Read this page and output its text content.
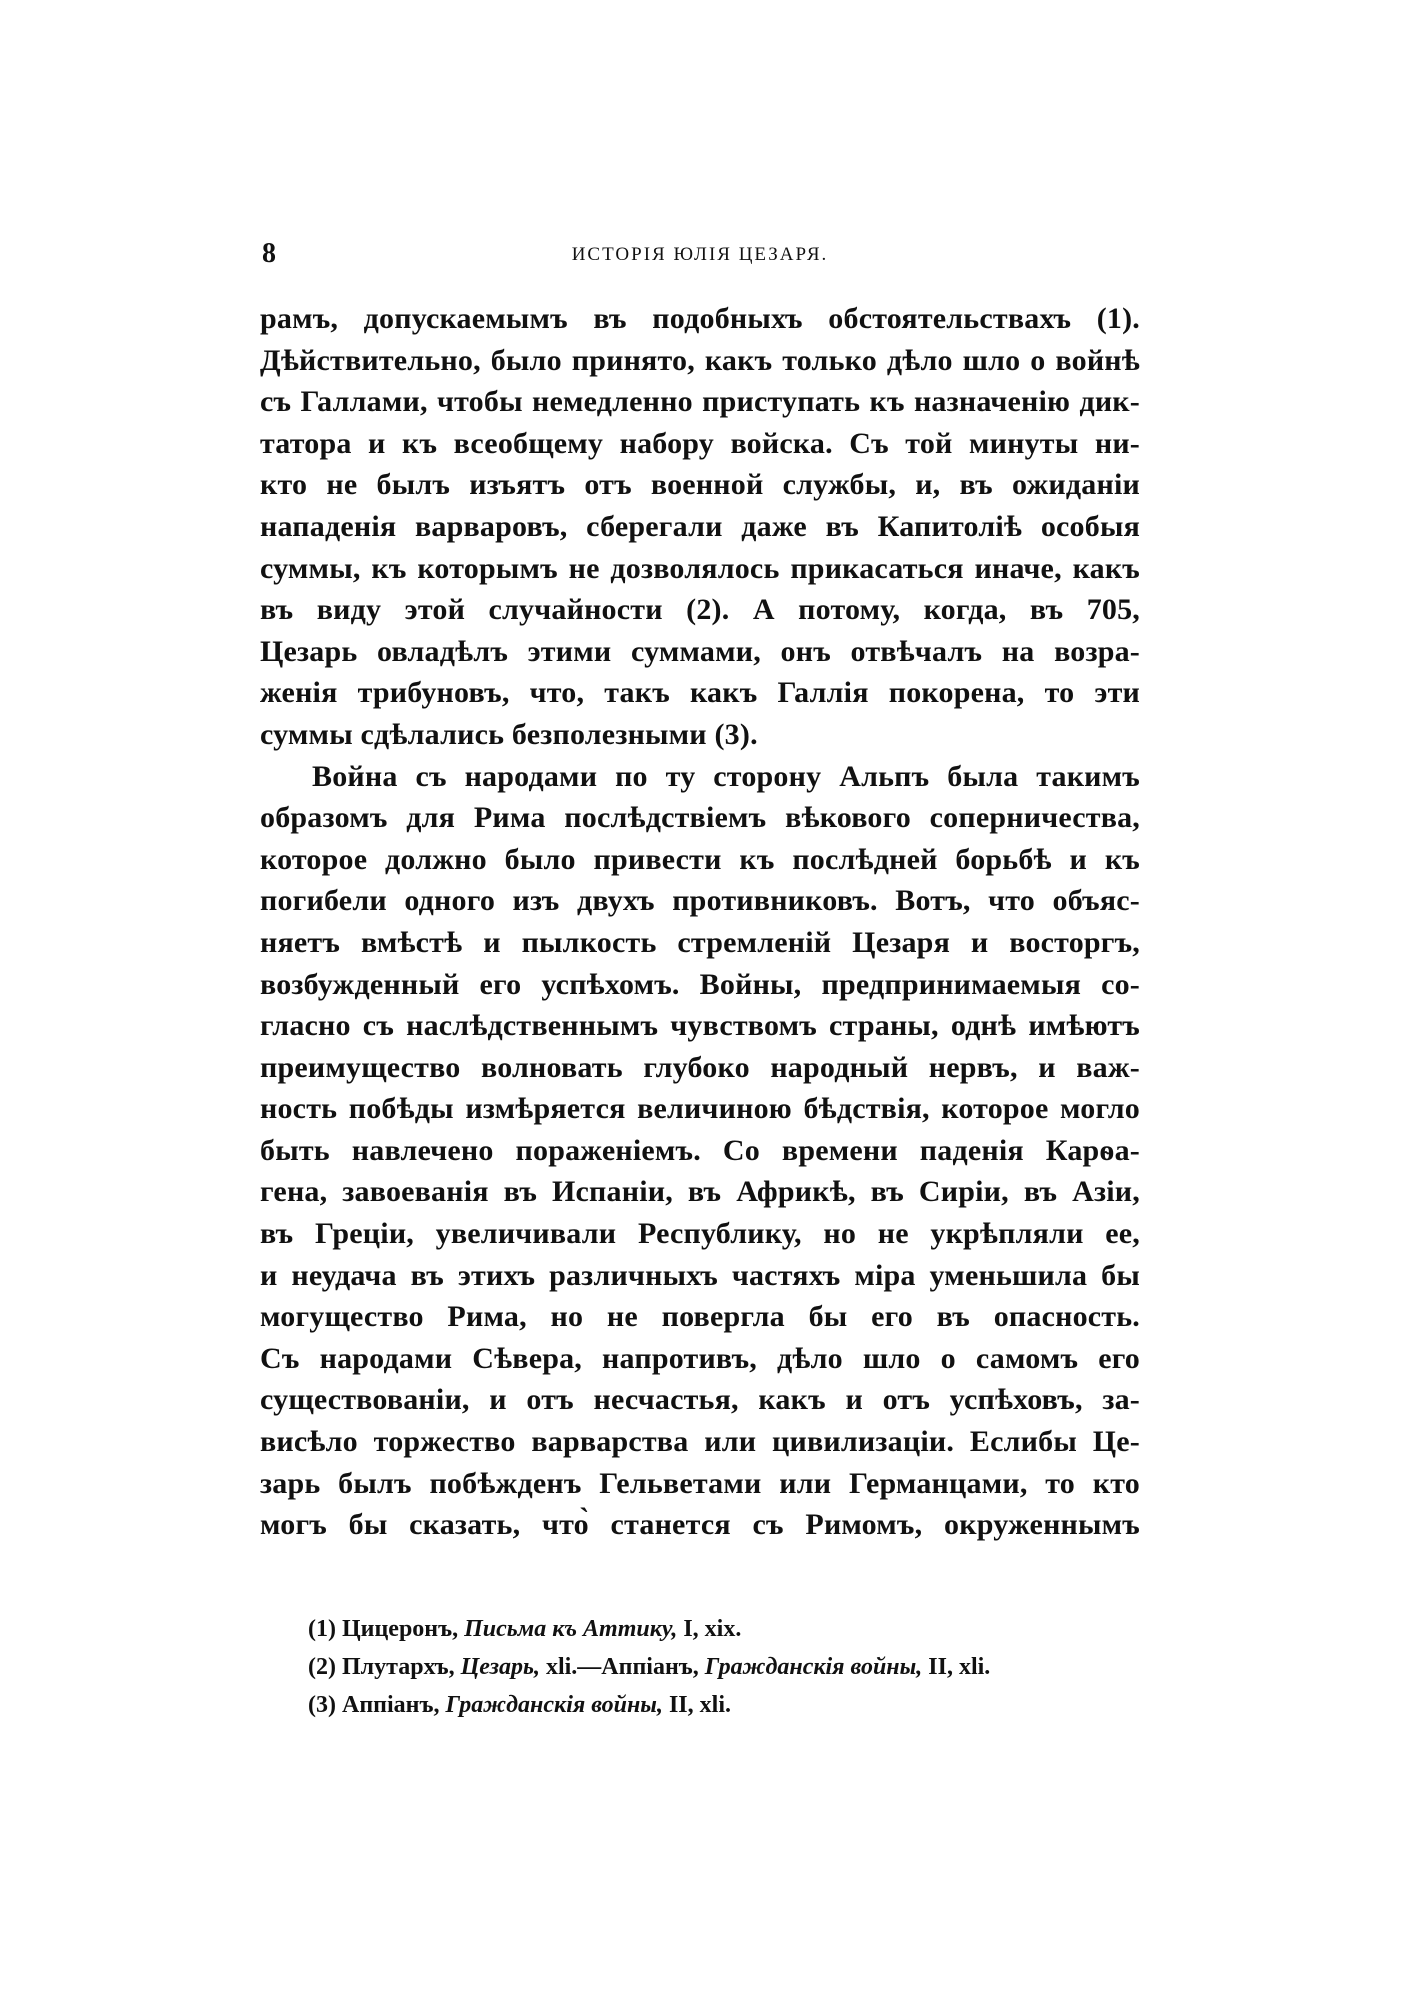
8	ИСТОРІЯ ЮЛІЯ ЦЕЗАРЯ.
рамъ, допускаемымъ въ подобныхъ обстоятельствахъ (1).
Дѣйствительно, было принято, какъ только дѣло шло о войнѣ
съ Галлами, чтобы немедленно приступать къ назначенію дик-
татора и къ всеобщему набору войска. Съ той минуты ни-
кто не былъ изъятъ отъ военной службы, и, въ ожиданіи
нападенія варваровъ, сберегали даже въ Капитоліѣ особыя
суммы, къ которымъ не дозволялось прикасаться иначе, какъ
въ виду этой случайности (2). А потому, когда, въ 705,
Цезарь овладѣлъ этими суммами, онъ отвѣчалъ на возра-
женія трибуновъ, что, такъ какъ Галлія покорена, то эти
суммы сдѣлались безполезными (3).
Война съ народами по ту сторону Альпъ была такимъ
образомъ для Рима послѣдствіемъ вѣкового соперничества,
которое должно было привести къ послѣдней борьбѣ и къ
погибели одного изъ двухъ противниковъ. Вотъ, что объяс-
няетъ вмѣстѣ и пылкость стремленій Цезаря и восторгъ,
возбужденный его успѣхомъ. Войны, предпринимаемыя со-
гласно съ наслѣдственнымъ чувствомъ страны, однѣ имѣютъ
преимущество волновать глубоко народный нервъ, и важ-
ность побѣды измѣряется величиною бѣдствія, которое могло
быть навлечено пораженіемъ. Со времени паденія Карѳа-
гена, завоеванія въ Испаніи, въ Африкѣ, въ Сиріи, въ Азіи,
въ Греціи, увеличивали Республику, но не укрѣпляли ее,
и неудача въ этихъ различныхъ частяхъ міра уменьшила бы
могущество Рима, но не повергла бы его въ опасность.
Съ народами Сѣвера, напротивъ, дѣло шло о самомъ его
существованіи, и отъ несчастья, какъ и отъ успѣховъ, за-
висѣло торжество варварства или цивилизаціи. Еслибы Це-
зарь былъ побѣжденъ Гельветами или Германцами, то кто
могъ бы сказать, что̀ станется съ Римомъ, окруженнымъ
(1) Цицеронъ, Письма къ Аттику, I, xix.
(2) Плутархъ, Цезарь, xli.—Аппіанъ, Гражданскія войны, II, xli.
(3) Аппіанъ, Гражданскія войны, II, xli.
